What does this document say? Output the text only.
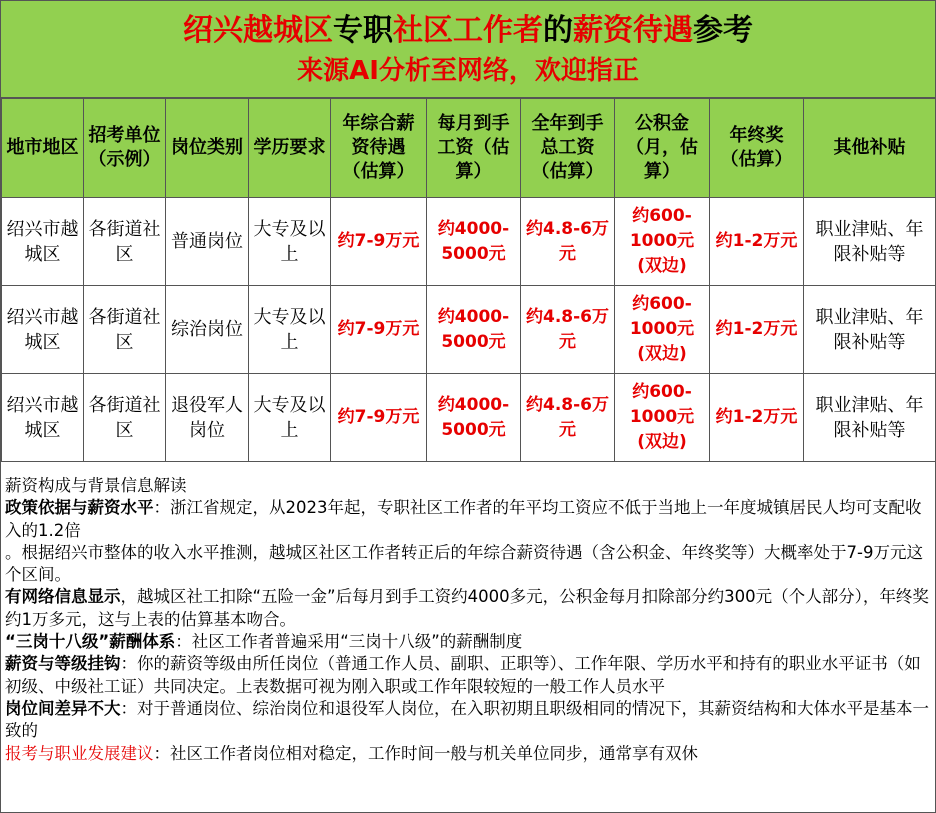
绍兴越城区专职社区工作者的薪资待遇参考
来源AI分析至网络，欢迎指正
地市地区	招考单位（示例）	岗位类别	学历要求	年综合薪资待遇（估算）	每月到手工资（估算）	全年到手总工资（估算）	公积金（月，估算）	年终奖（估算）	其他补贴
绍兴市越城区	各街道社区	普通岗位	大专及以上	约7-9万元	约4000-5000元	约4.8-6万元	约600-1000元(双边)	约1-2万元	职业津贴、年限补贴等
绍兴市越城区	各街道社区	综治岗位	大专及以上	约7-9万元	约4000-5000元	约4.8-6万元	约600-1000元(双边)	约1-2万元	职业津贴、年限补贴等
绍兴市越城区	各街道社区	退役军人岗位	大专及以上	约7-9万元	约4000-5000元	约4.8-6万元	约600-1000元(双边)	约1-2万元	职业津贴、年限补贴等

薪资构成与背景信息解读

政策依据与薪资水平：浙江省规定，从2023年起，专职社区工作者的年平均工资应不低于当地上一年度城镇居民人均可支配收入的1.2倍

。根据绍兴市整体的收入水平推测，越城区社区工作者转正后的年综合薪资待遇（含公积金、年终奖等）大概率处于7-9万元这个区间。

有网络信息显示，越城区社工扣除“五险一金”后每月到手工资约4000多元，公积金每月扣除部分约300元（个人部分），年终奖约1万多元，这与上表的估算基本吻合。

“三岗十八级”薪酬体系：社区工作者普遍采用“三岗十八级”的薪酬制度

薪资与等级挂钩：你的薪资等级由所任岗位（普通工作人员、副职、正职等）、工作年限、学历水平和持有的职业水平证书（如初级、中级社工证）共同决定。上表数据可视为刚入职或工作年限较短的一般工作人员水平

岗位间差异不大：对于普通岗位、综治岗位和退役军人岗位，在入职初期且职级相同的情况下，其薪资结构和大体水平是基本一致的

报考与职业发展建议：社区工作者岗位相对稳定，工作时间一般与机关单位同步，通常享有双休
